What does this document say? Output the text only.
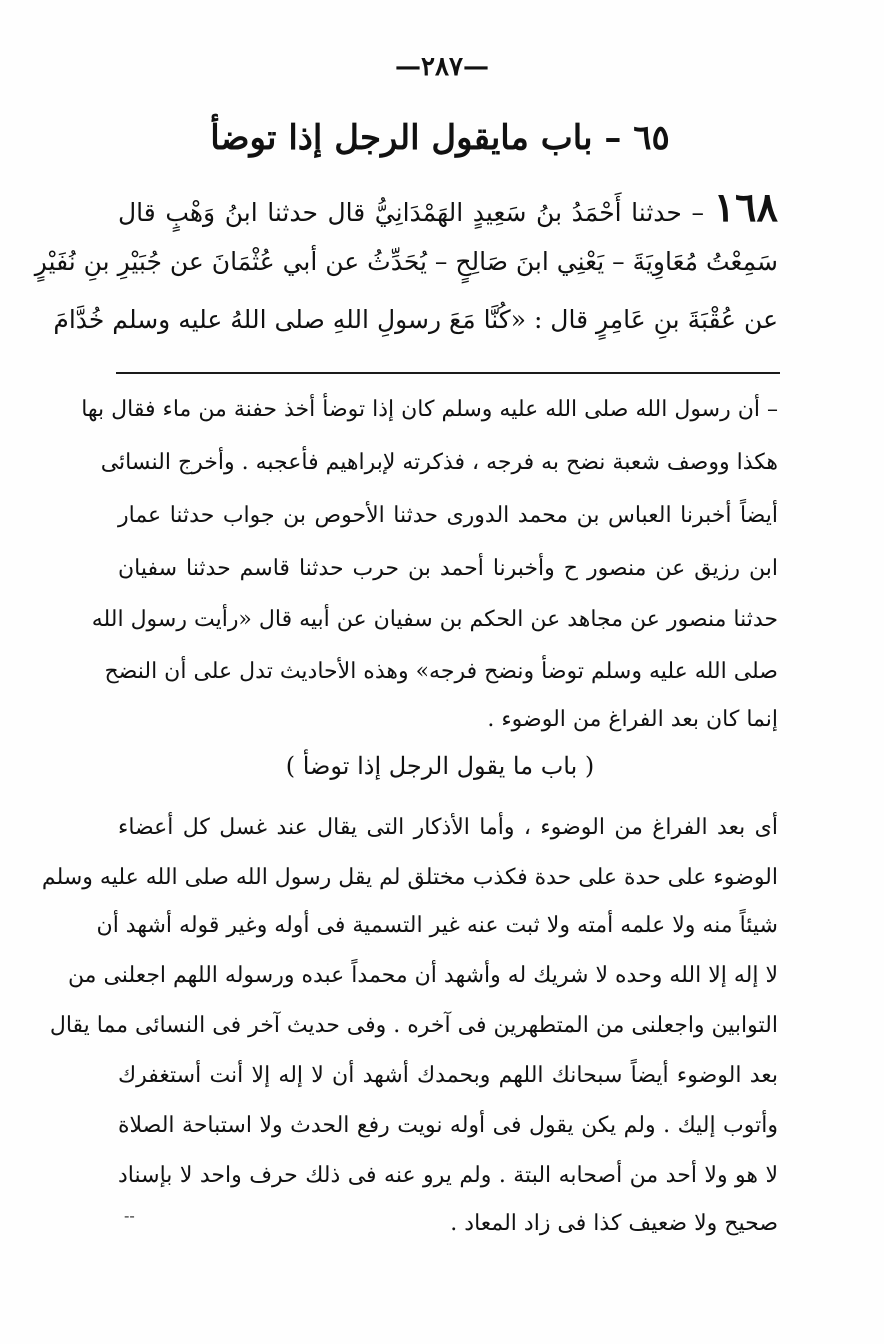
—٢٨٧—
٦٥ – باب مايقول الرجل إذا توضأ
١٦٨ – حدثنا أَحْمَدُ بنُ سَعِيدٍ الهَمْدَانِيُّ قال حدثنا ابنُ وَهْبٍ قال
سَمِعْتُ مُعَاوِيَةَ – يَعْنِي ابنَ صَالِحٍ – يُحَدِّثُ عن أبي عُثْمَانَ عن جُبَيْرِ بنِ نُفَيْرٍ
عن عُقْبَةَ بنِ عَامِرٍ قال : «كُنَّا مَعَ رسولِ اللهِ صلى اللهُ عليه وسلم خُدَّامَ
– أن رسول الله صلى الله عليه وسلم كان إذا توضأ أخذ حفنة من ماء فقال بها
هكذا ووصف شعبة نضح به فرجه ، فذكرته لإبراهيم فأعجبه . وأخرج النسائى
أيضاً أخبرنا العباس بن محمد الدورى حدثنا الأحوص بن جواب حدثنا عمار
ابن رزيق عن منصور ح وأخبرنا أحمد بن حرب حدثنا قاسم حدثنا سفيان
حدثنا منصور عن مجاهد عن الحكم بن سفيان عن أبيه قال «رأيت رسول الله
صلى الله عليه وسلم توضأ ونضح فرجه» وهذه الأحاديث تدل على أن النضح
إنما كان بعد الفراغ من الوضوء .
( باب ما يقول الرجل إذا توضأ )
أى بعد الفراغ من الوضوء ، وأما الأذكار التى يقال عند غسل كل أعضاء
الوضوء على حدة على حدة فكذب مختلق لم يقل رسول الله صلى الله عليه وسلم
شيئاً منه ولا علمه أمته ولا ثبت عنه غير التسمية فى أوله وغير قوله أشهد أن
لا إله إلا الله وحده لا شريك له وأشهد أن محمداً عبده ورسوله اللهم اجعلنى من
التوابين واجعلنى من المتطهرين فى آخره . وفى حديث آخر فى النسائى مما يقال
بعد الوضوء أيضاً سبحانك اللهم وبحمدك أشهد أن لا إله إلا أنت أستغفرك
وأتوب إليك . ولم يكن يقول فى أوله نويت رفع الحدث ولا استباحة الصلاة
لا هو ولا أحد من أصحابه البتة . ولم يرو عنه فى ذلك حرف واحد لا بإسناد
صحيح ولا ضعيف كذا فى زاد المعاد .
--
